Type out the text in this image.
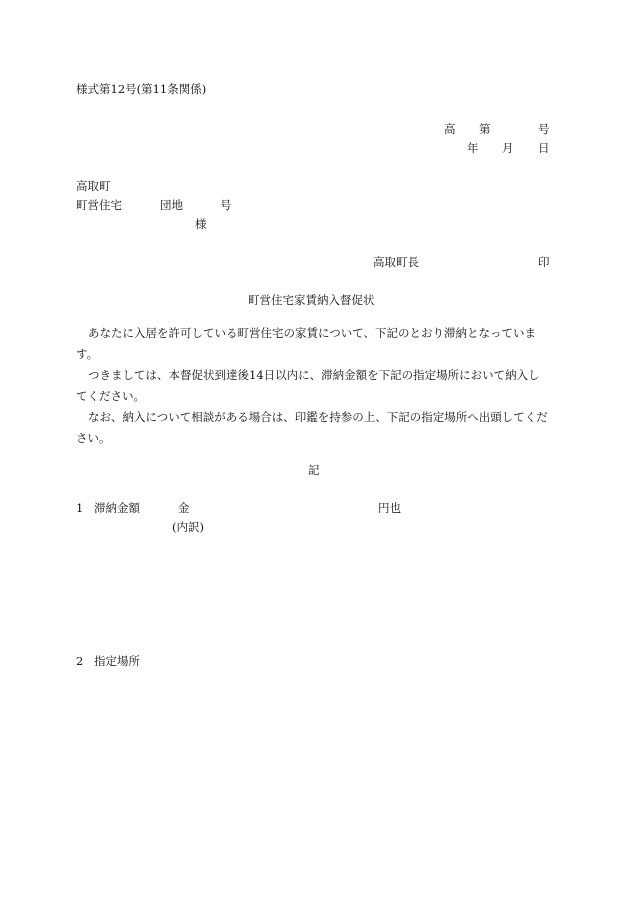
様式第12号(第11条関係)
高 第	号
年 月 日
高取町
町営住宅	団地	号
様
高取町長	印
町営住宅家賃納入督促状
あなたに入居を許可している町営住宅の家賃について、下記のとおり滞納となっています。
つきましては、本督促状到達後14日以内に、滞納金額を下記の指定場所において納入してください。
なお、納入について相談がある場合は、印鑑を持参の上、下記の指定場所へ出頭してください。
記
1 滞納金額	金	円也
(内訳)
2 指定場所
